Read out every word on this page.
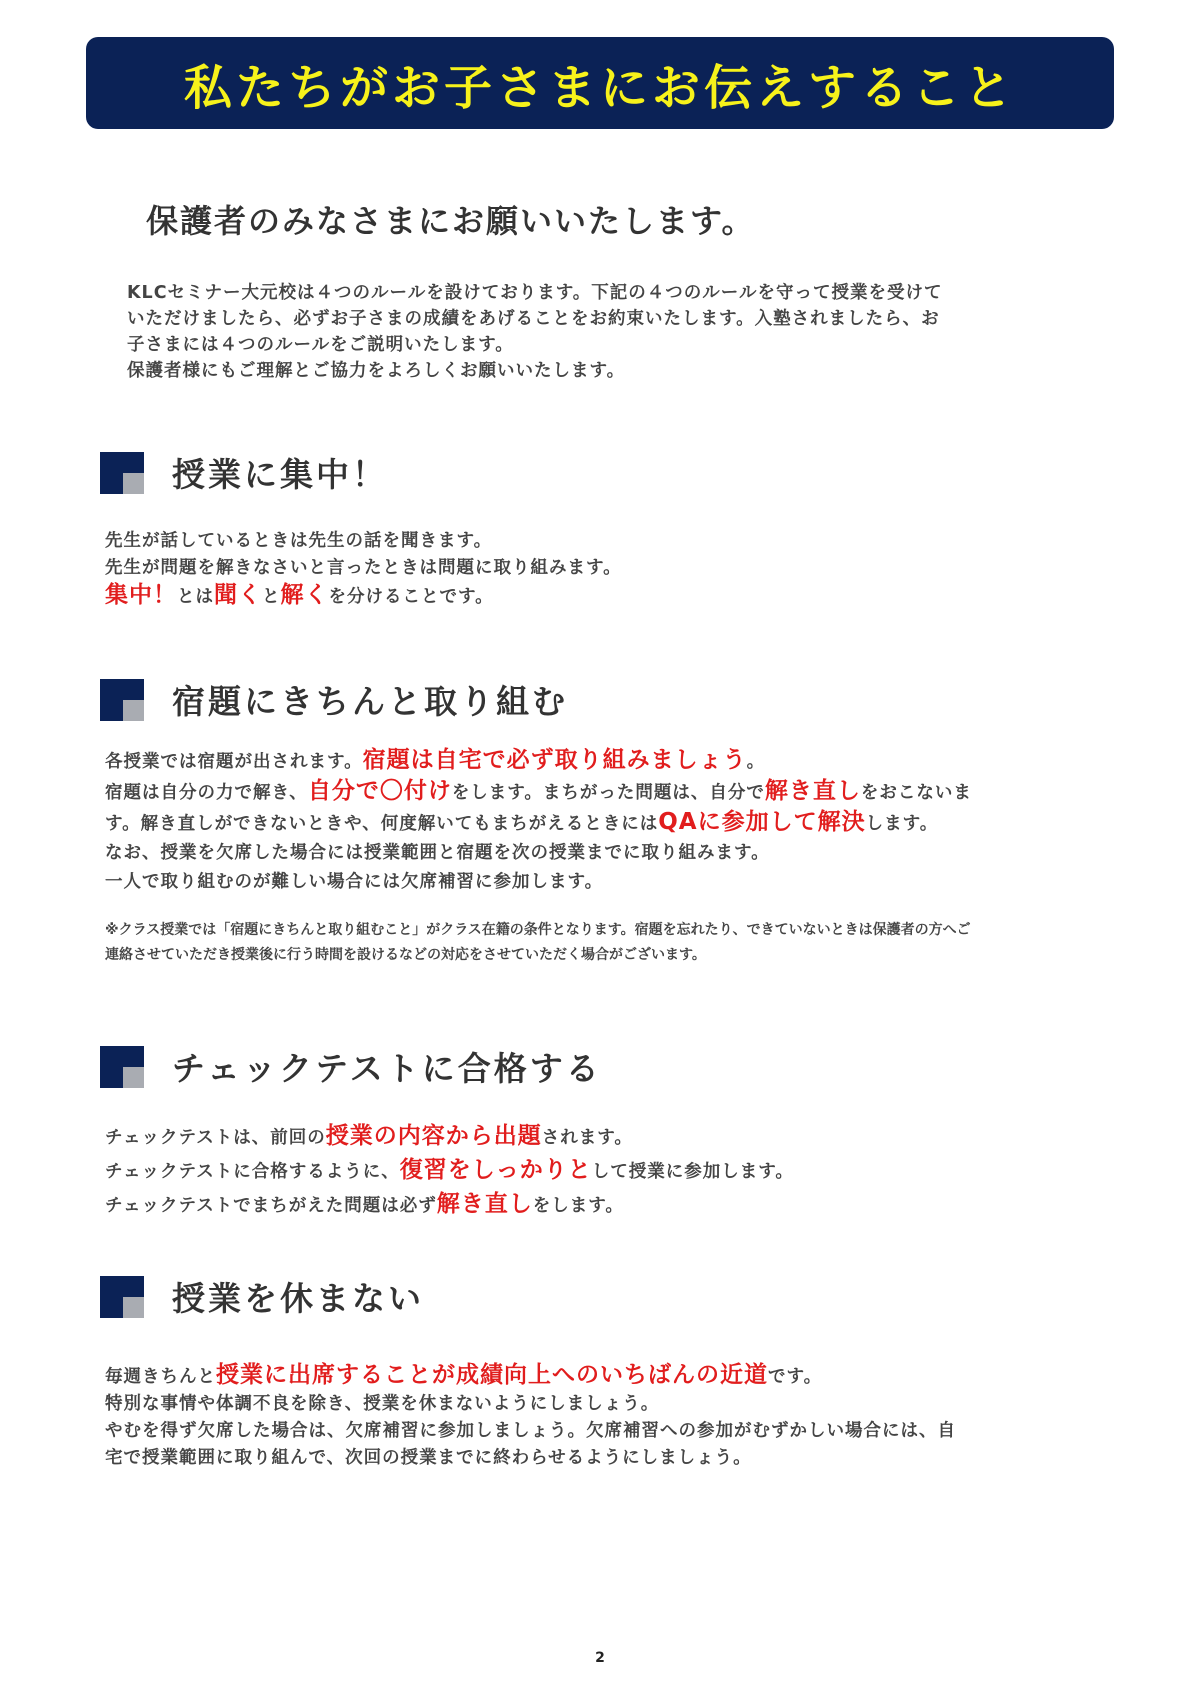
私たちがお子さまにお伝えすること
保護者のみなさまにお願いいたします。

KLCセミナー大元校は４つのルールを設けております。下記の４つのルールを守って授業を受けて

いただけましたら、必ずお子さまの成績をあげることをお約束いたします。入塾されましたら、お

子さまには４つのルールをご説明いたします。

保護者様にもご理解とご協力をよろしくお願いいたします。

授業に集中！

先生が話しているときは先生の話を聞きます。

先生が問題を解きなさいと言ったときは問題に取り組みます。

集中！とは聞くと解くを分けることです。

宿題にきちんと取り組む

各授業では宿題が出されます。宿題は自宅で必ず取り組みましょう。

宿題は自分の力で解き、自分で〇付けをします。まちがった問題は、自分で解き直しをおこないま

す。解き直しができないときや、何度解いてもまちがえるときにはQAに参加して解決します。

なお、授業を欠席した場合には授業範囲と宿題を次の授業までに取り組みます。

一人で取り組むのが難しい場合には欠席補習に参加します。

※クラス授業では「宿題にきちんと取り組むこと」がクラス在籍の条件となります。宿題を忘れたり、できていないときは保護者の方へご

連絡させていただき授業後に行う時間を設けるなどの対応をさせていただく場合がございます。

チェックテストに合格する

チェックテストは、前回の授業の内容から出題されます。

チェックテストに合格するように、復習をしっかりとして授業に参加します。

チェックテストでまちがえた問題は必ず解き直しをします。

授業を休まない

毎週きちんと授業に出席することが成績向上へのいちばんの近道です。

特別な事情や体調不良を除き、授業を休まないようにしましょう。

やむを得ず欠席した場合は、欠席補習に参加しましょう。欠席補習への参加がむずかしい場合には、自

宅で授業範囲に取り組んで、次回の授業までに終わらせるようにしましょう。

2
